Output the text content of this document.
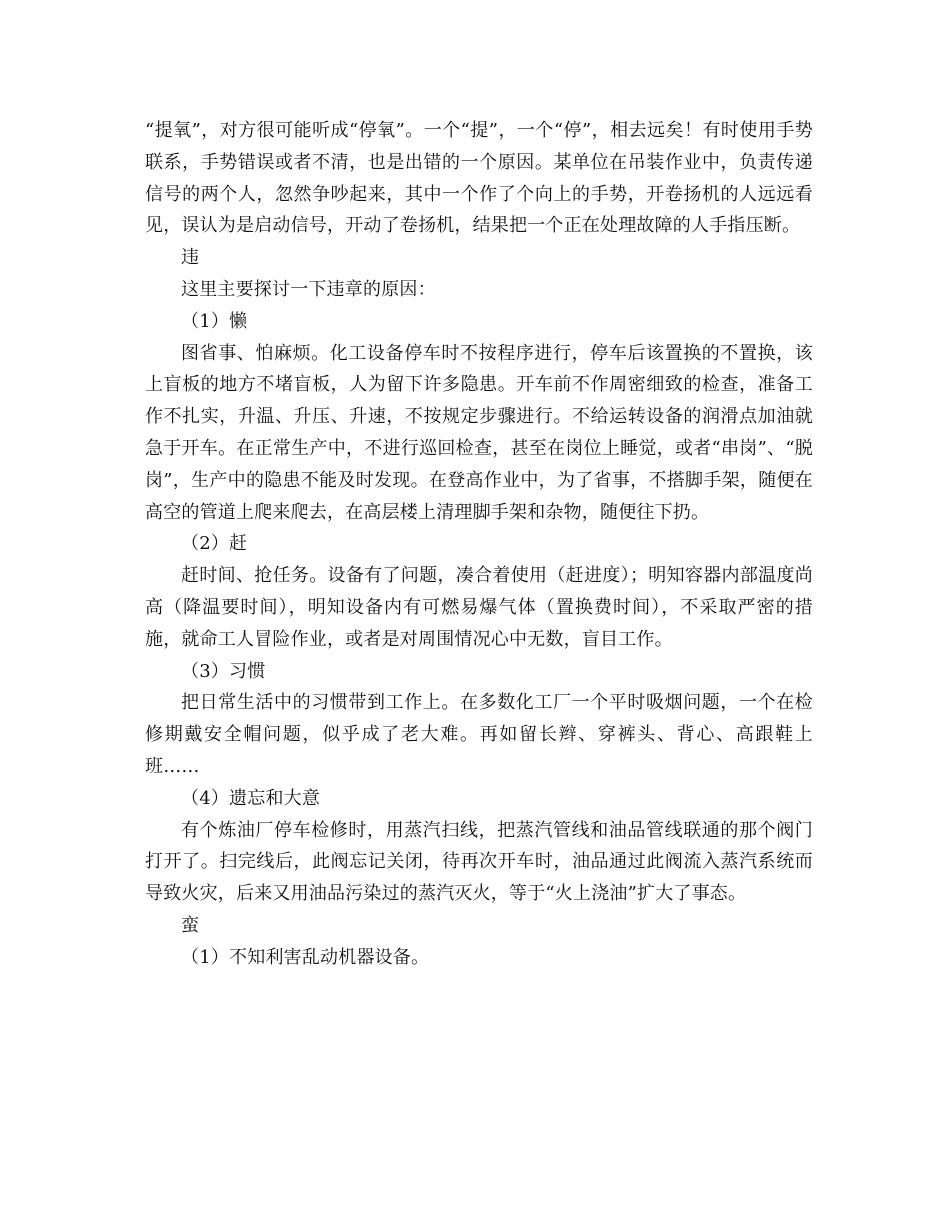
“提氧”，对方很可能听成“停氧”。一个“提”，一个“停”，相去远矣！有时使用手势联系，手势错误或者不清，也是出错的一个原因。某单位在吊装作业中，负责传递信号的两个人，忽然争吵起来，其中一个作了个向上的手势，开卷扬机的人远远看见，误认为是启动信号，开动了卷扬机，结果把一个正在处理故障的人手指压断。

违

这里主要探讨一下违章的原因：

（1）懒

图省事、怕麻烦。化工设备停车时不按程序进行，停车后该置换的不置换，该上盲板的地方不堵盲板，人为留下许多隐患。开车前不作周密细致的检查，准备工作不扎实，升温、升压、升速，不按规定步骤进行。不给运转设备的润滑点加油就急于开车。在正常生产中，不进行巡回检查，甚至在岗位上睡觉，或者“串岗”、“脱岗”，生产中的隐患不能及时发现。在登高作业中，为了省事，不搭脚手架，随便在高空的管道上爬来爬去，在高层楼上清理脚手架和杂物，随便往下扔。

（2）赶

赶时间、抢任务。设备有了问题，凑合着使用（赶进度）；明知容器内部温度尚高（降温要时间），明知设备内有可燃易爆气体（置换费时间），不采取严密的措施，就命工人冒险作业，或者是对周围情况心中无数，盲目工作。

（3）习惯

把日常生活中的习惯带到工作上。在多数化工厂一个平时吸烟问题，一个在检修期戴安全帽问题，似乎成了老大难。再如留长辫、穿裤头、背心、高跟鞋上班……

（4）遗忘和大意

有个炼油厂停车检修时，用蒸汽扫线，把蒸汽管线和油品管线联通的那个阀门打开了。扫完线后，此阀忘记关闭，待再次开车时，油品通过此阀流入蒸汽系统而导致火灾，后来又用油品污染过的蒸汽灭火，等于“火上浇油”扩大了事态。

蛮

（1）不知利害乱动机器设备。
